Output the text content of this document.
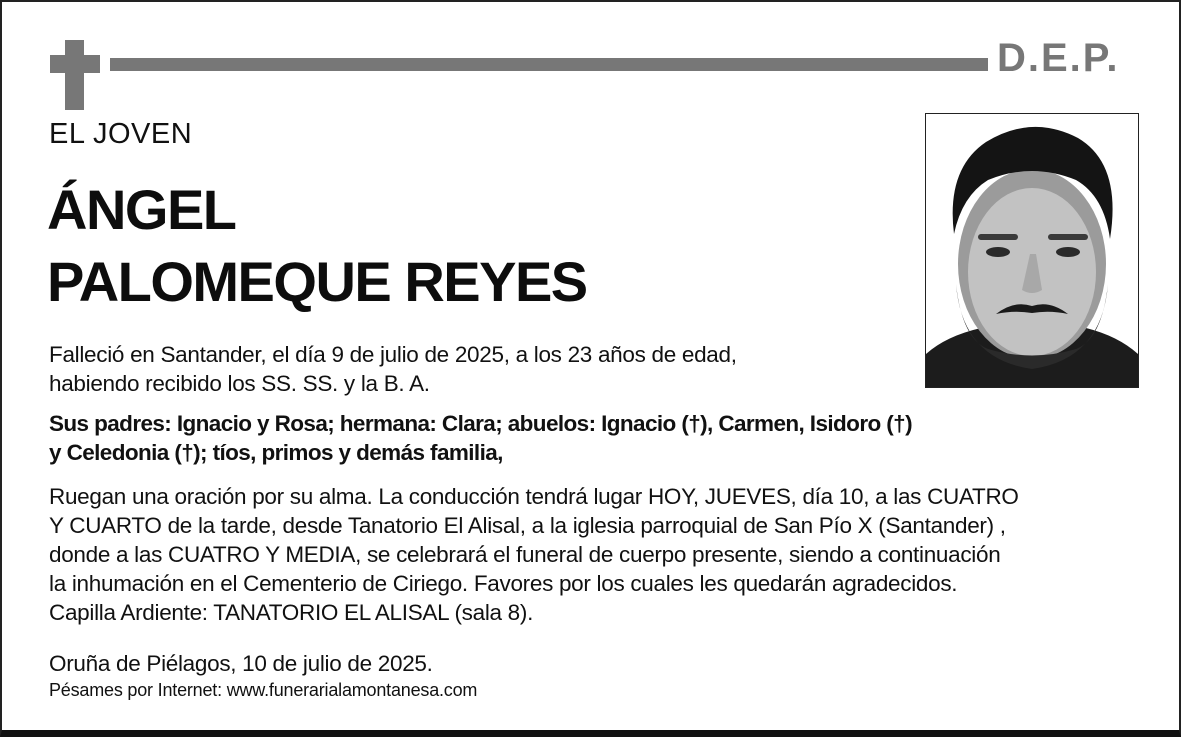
D.E.P.
EL JOVEN
ÁNGEL
PALOMEQUE REYES
Falleció en Santander, el día 9 de julio de 2025, a los 23 años de edad,
habiendo recibido los SS. SS. y la B. A.
Sus padres: Ignacio y Rosa; hermana: Clara; abuelos: Ignacio (†), Carmen, Isidoro (†)
y Celedonia (†); tíos, primos y demás familia,
Ruegan una oración por su alma. La conducción tendrá lugar HOY, JUEVES, día 10, a las CUATRO
Y CUARTO de la tarde, desde Tanatorio El Alisal, a la iglesia parroquial de San Pío X (Santander) ,
donde a las CUATRO Y MEDIA, se celebrará el funeral de cuerpo presente, siendo a continuación
la inhumación en el Cementerio de Ciriego. Favores por los cuales les quedarán agradecidos.
Capilla Ardiente: TANATORIO EL ALISAL (sala 8).
Oruña de Piélagos, 10 de julio de 2025.
Pésames por Internet: www.funerarialamontanesa.com
